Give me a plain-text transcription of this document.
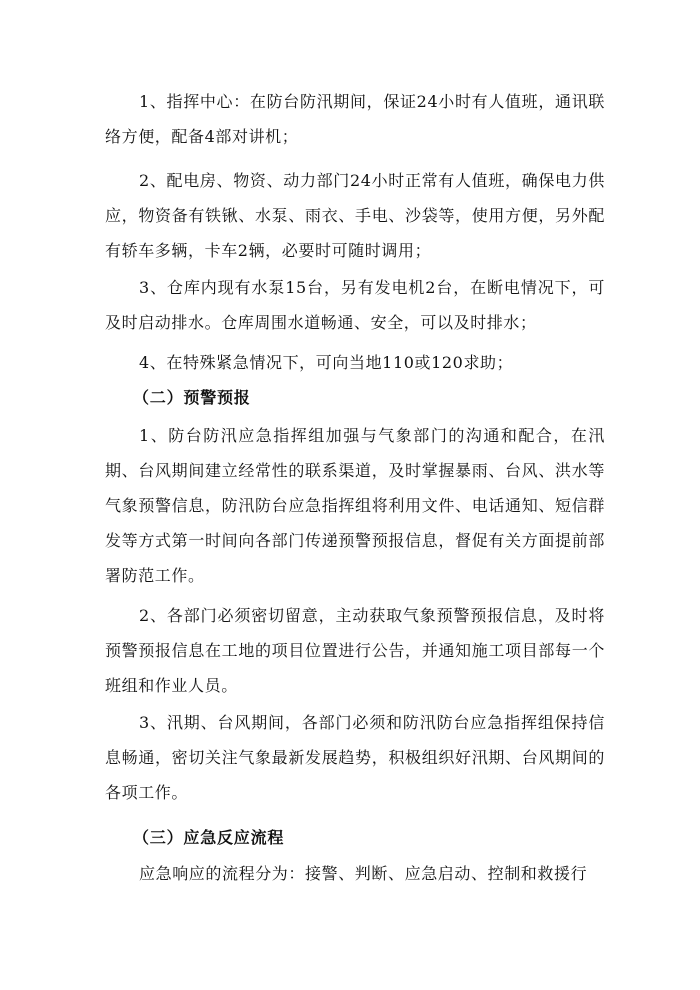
1、指挥中心：在防台防汛期间，保证24小时有人值班，通讯联络方便，配备4部对讲机；
2、配电房、物资、动力部门24小时正常有人值班，确保电力供应，物资备有铁锹、水泵、雨衣、手电、沙袋等，使用方便，另外配有轿车多辆，卡车2辆，必要时可随时调用；
3、仓库内现有水泵15台，另有发电机2台，在断电情况下，可及时启动排水。仓库周围水道畅通、安全，可以及时排水；
4、在特殊紧急情况下，可向当地110或120求助；
（二）预警预报
1、防台防汛应急指挥组加强与气象部门的沟通和配合，在汛期、台风期间建立经常性的联系渠道，及时掌握暴雨、台风、洪水等气象预警信息，防汛防台应急指挥组将利用文件、电话通知、短信群发等方式第一时间向各部门传递预警预报信息，督促有关方面提前部署防范工作。
2、各部门必须密切留意，主动获取气象预警预报信息，及时将预警预报信息在工地的项目位置进行公告，并通知施工项目部每一个班组和作业人员。
3、汛期、台风期间，各部门必须和防汛防台应急指挥组保持信息畅通，密切关注气象最新发展趋势，积极组织好汛期、台风期间的各项工作。
（三）应急反应流程
应急响应的流程分为：接警、判断、应急启动、控制和救援行
